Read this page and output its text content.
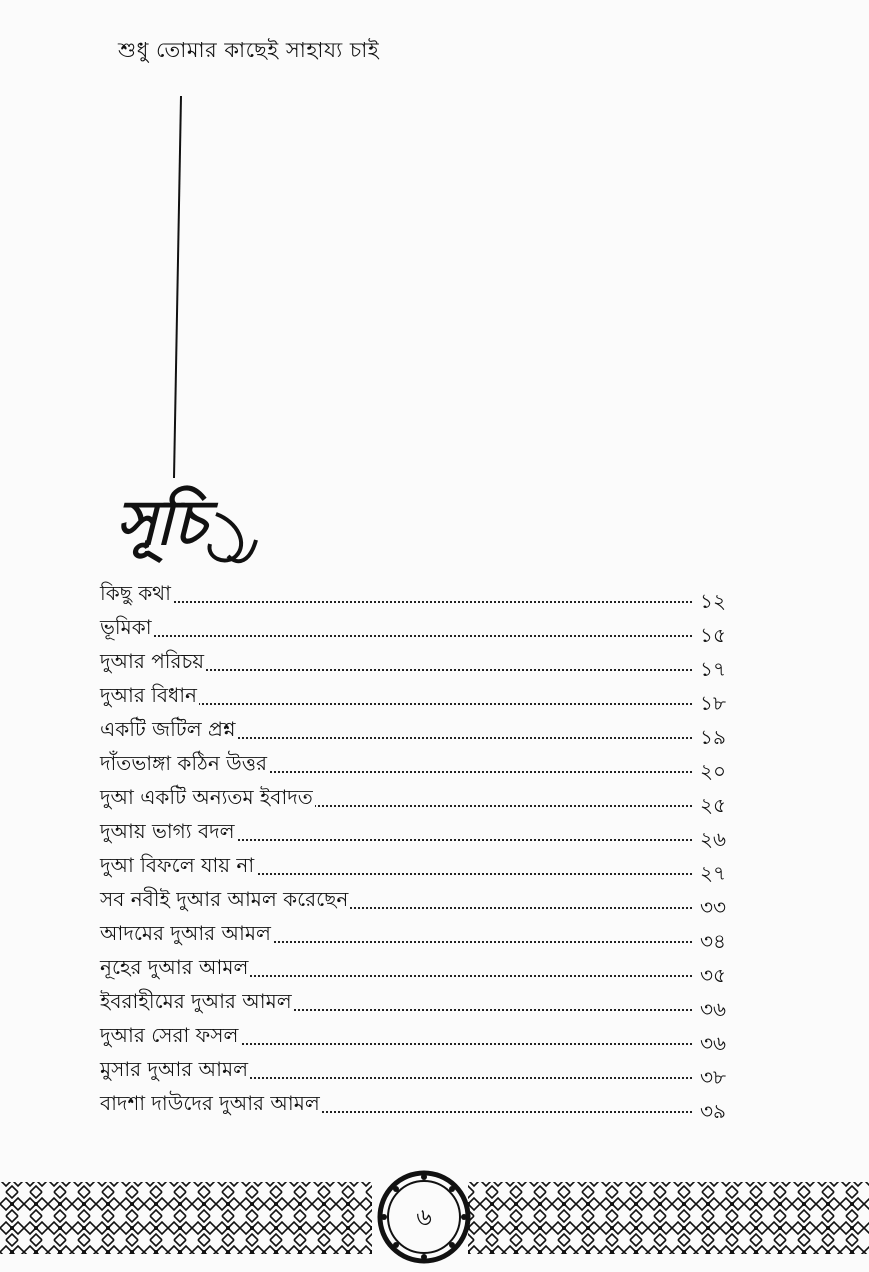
শুধু তোমার কাছেই সাহায্য চাই
সূচি
কিছু কথা	১২
ভূমিকা	১৫
দুআর পরিচয়	১৭
দুআর বিধান	১৮
একটি জটিল প্রশ্ন	১৯
দাঁতভাঙ্গা কঠিন উত্তর	২০
দুআ একটি অন্যতম ইবাদত	২৫
দুআয় ভাগ্য বদল	২৬
দুআ বিফলে যায় না	২৭
সব নবীই দুআর আমল করেছেন	৩৩
আদমের দুআর আমল	৩৪
নূহের দুআর আমল	৩৫
ইবরাহীমের দুআর আমল	৩৬
দুআর সেরা ফসল	৩৬
মুসার দুআর আমল	৩৮
বাদশা দাউদের দুআর আমল	৩৯
৬
